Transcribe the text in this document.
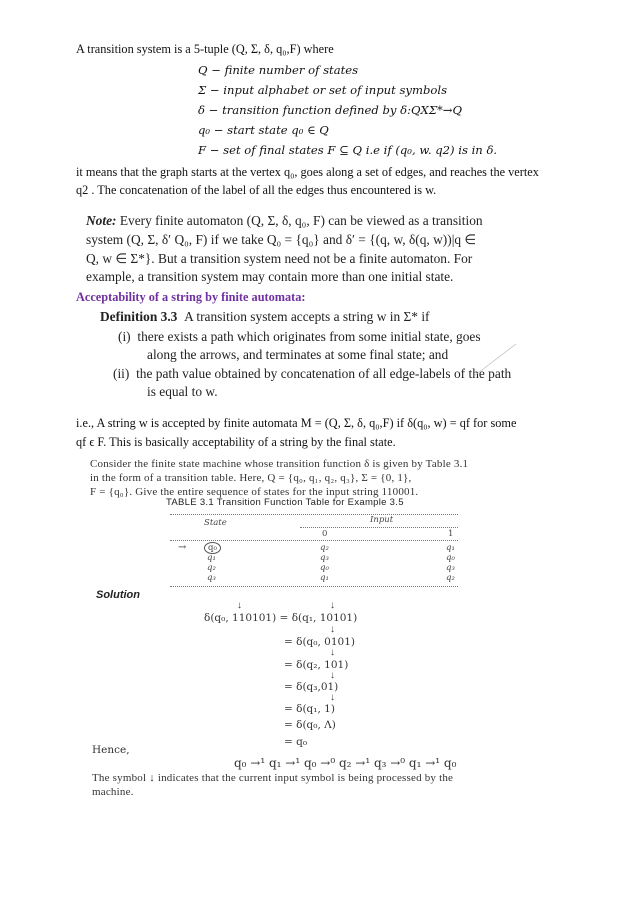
A transition system is a 5-tuple (Q, Σ, δ, q₀,F) where
Q − finite number of states
Σ − input alphabet or set of input symbols
δ − transition function defined by δ:QXΣ*→Q
q₀ − start state q₀ ∈ Q
F − set of final states F ⊆ Q i.e if (q₀, w. q2) is in δ.
it means that the graph starts at the vertex q₀, goes along a set of edges, and reaches the vertex
q2 . The concatenation of the label of all the edges thus encountered is w.
Note: Every finite automaton (Q, Σ, δ, q₀, F) can be viewed as a transition
system (Q, Σ, δ′ Q₀, F) if we take Q₀ = {q₀} and δ′ = {(q, w, δ(q, w))|q ∈
Q, w ∈ Σ*}. But a transition system need not be a finite automaton. For
example, a transition system may contain more than one initial state.
Acceptability of a string by finite automata:
Definition 3.3 A transition system accepts a string w in Σ* if
(i) there exists a path which originates from some initial state, goes
along the arrows, and terminates at some final state; and
(ii) the path value obtained by concatenation of all edge-labels of the path
is equal to w.
i.e., A string w is accepted by finite automata M = (Q, Σ, δ, q₀,F) if δ(q₀, w) = qf for some
qf ϵ F. This is basically acceptability of a string by the final state.
Consider the finite state machine whose transition function δ is given by Table 3.1
in the form of a transition table. Here, Q = {q₀, q₁, q₂, q₃}, Σ = {0, 1},
F = {q₀}. Give the entire sequence of states for the input string 110001.
TABLE 3.1 Transition Function Table for Example 3.5
State	Input
0	1
→	q₀	q₂	q₁
q₁	q₃	q₀
q₂	q₀	q₃
q₃	q₁	q₂
Solution
↓	↓
δ(q₀, 110101) = δ(q₁, 10101)
↓
= δ(q₀, 0101)
↓
= δ(q₂, 101)
↓
= δ(q₃,01)
↓
= δ(q₁, 1)
= δ(q₀, Λ)
= q₀
Hence,
q₀ →¹ q₁ →¹ q₀ →⁰ q₂ →¹ q₃ →⁰ q₁ →¹ q₀
The symbol ↓ indicates that the current input symbol is being processed by the
machine.
